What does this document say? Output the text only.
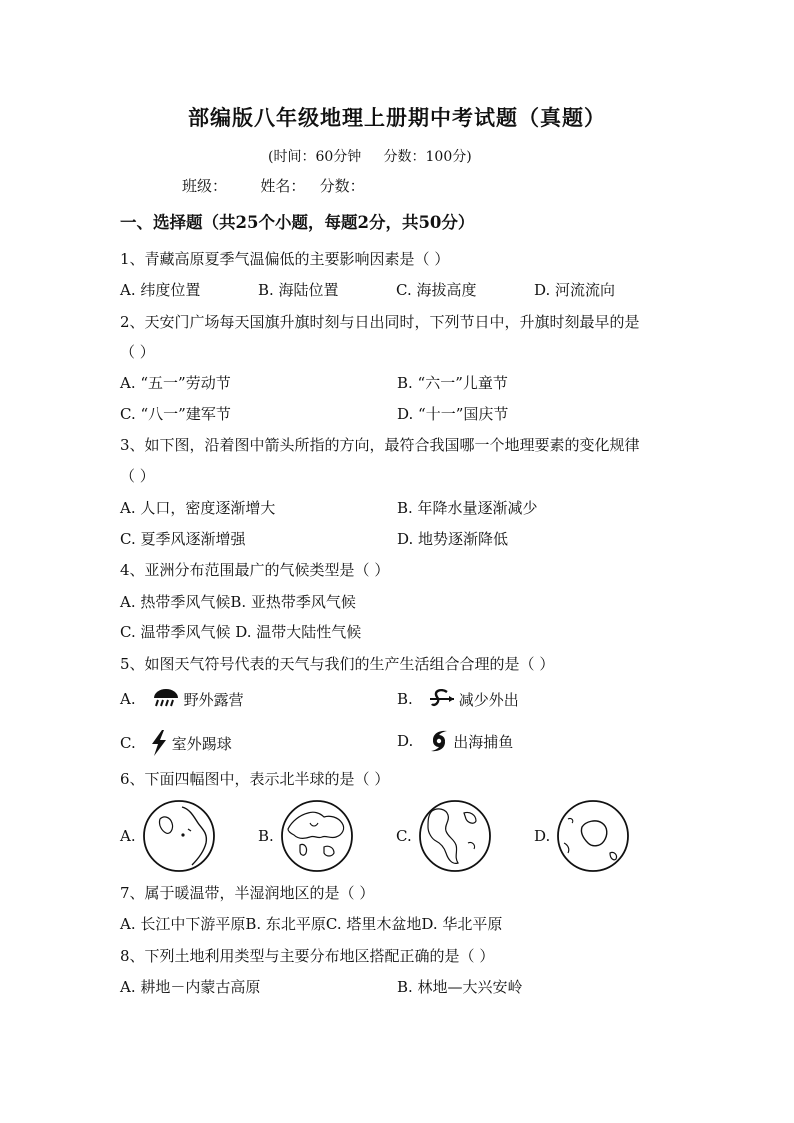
部编版八年级地理上册期中考试题（真题）
(时间：60分钟     分数：100分)
班级：       姓名：   分数：
一、选择题（共25个小题，每题2分，共50分）
1、青藏高原夏季气温偏低的主要影响因素是（ ）
A. 纬度位置	B. 海陆位置	C. 海拔高度	D. 河流流向
2、天安门广场每天国旗升旗时刻与日出同时，下列节日中，升旗时刻最早的是
（ ）
A. “五一”劳动节	B. “六一”儿童节
C. “八一”建军节	D. “十一”国庆节
3、如下图，沿着图中箭头所指的方向，最符合我国哪一个地理要素的变化规律
（ ）
A. 人口，密度逐渐增大	B. 年降水量逐渐减少
C. 夏季风逐渐增强	D. 地势逐渐降低
4、亚洲分布范围最广的气候类型是（ ）
A. 热带季风气候B. 亚热带季风气候
C. 温带季风气候 D. 温带大陆性气候
5、如图天气符号代表的天气与我们的生产生活组合合理的是（ ）
A.	野外露营	B.	减少外出
C. 室外踢球	D.	出海捕鱼
6、下面四幅图中，表示北半球的是（ ）
A.	B.	C.	D.
7、属于暖温带，半湿润地区的是（ ）
A. 长江中下游平原B. 东北平原C. 塔里木盆地D. 华北平原
8、下列土地利用类型与主要分布地区搭配正确的是（ ）
A. 耕地－内蒙古高原	B. 林地—大兴安岭
